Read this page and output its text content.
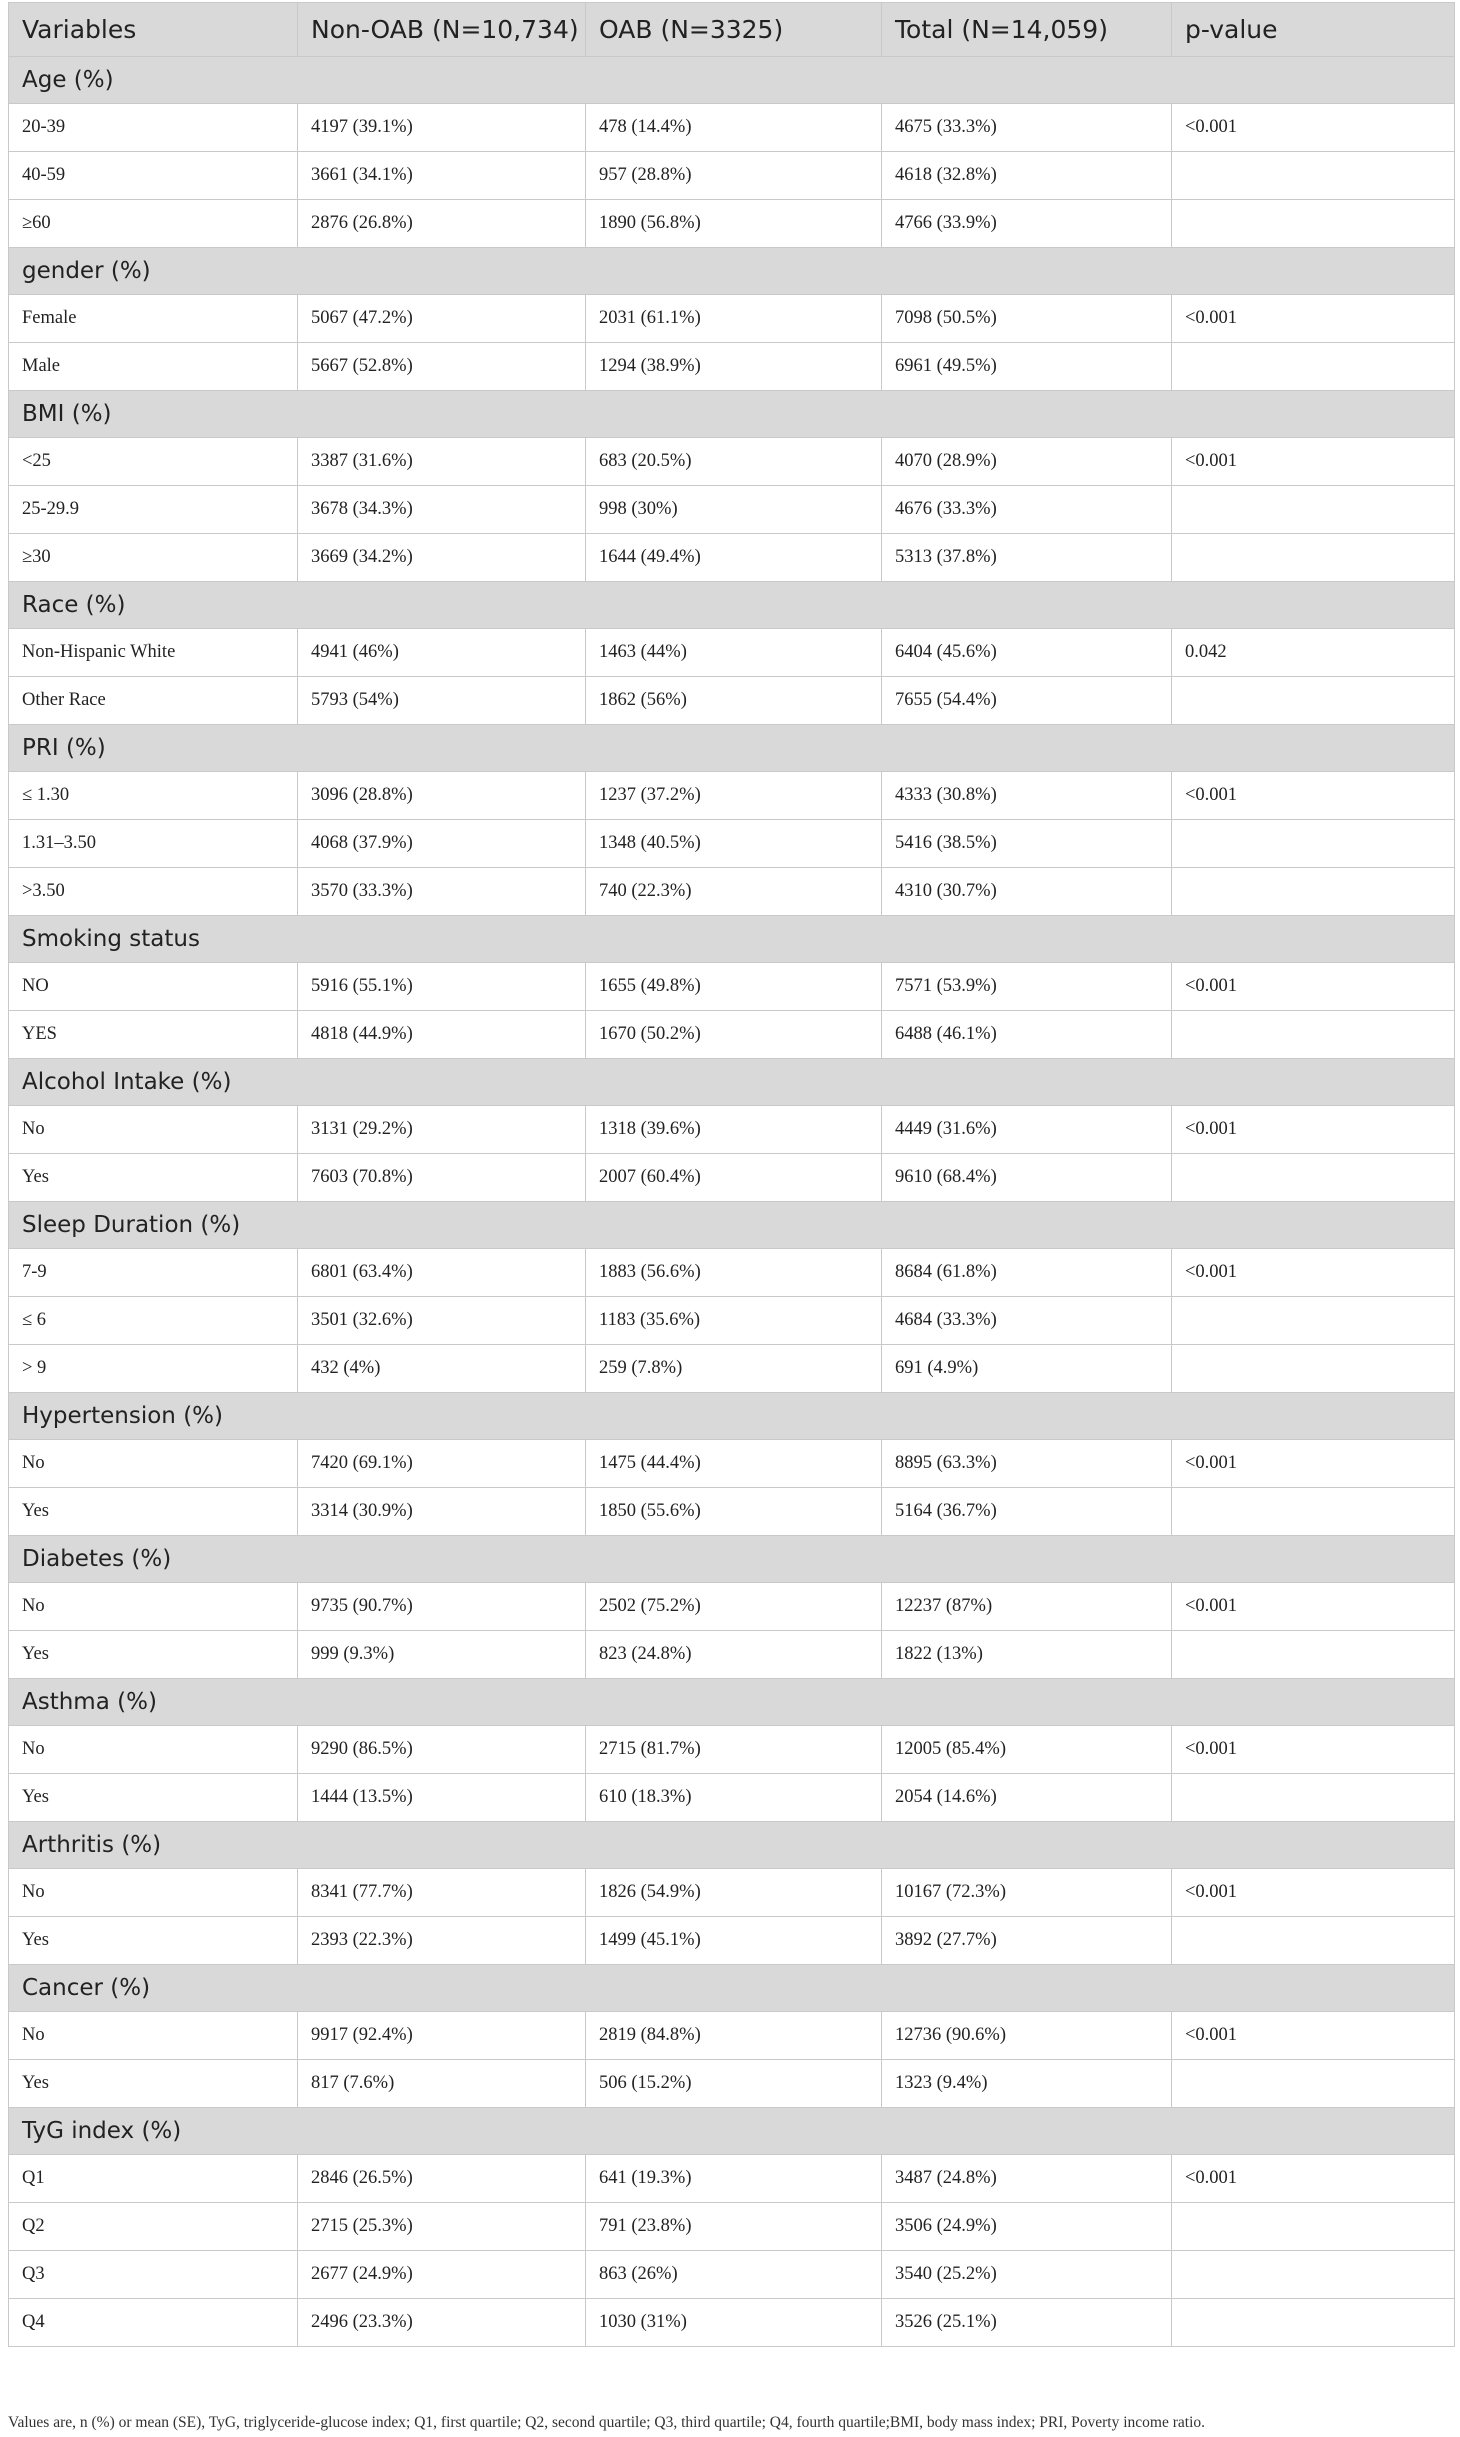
Variables	Non-OAB (N=10,734)	OAB (N=3325)	Total (N=14,059)	p-value
Age (%)				
20-39	4197 (39.1%)	478 (14.4%)	4675 (33.3%)	<0.001
40-59	3661 (34.1%)	957 (28.8%)	4618 (32.8%)	
≥60	2876 (26.8%)	1890 (56.8%)	4766 (33.9%)	
gender (%)				
Female	5067 (47.2%)	2031 (61.1%)	7098 (50.5%)	<0.001
Male	5667 (52.8%)	1294 (38.9%)	6961 (49.5%)	
BMI (%)				
<25	3387 (31.6%)	683 (20.5%)	4070 (28.9%)	<0.001
25-29.9	3678 (34.3%)	998 (30%)	4676 (33.3%)	
≥30	3669 (34.2%)	1644 (49.4%)	5313 (37.8%)	
Race (%)				
Non-Hispanic White	4941 (46%)	1463 (44%)	6404 (45.6%)	0.042
Other Race	5793 (54%)	1862 (56%)	7655 (54.4%)	
PRI (%)				
≤ 1.30	3096 (28.8%)	1237 (37.2%)	4333 (30.8%)	<0.001
1.31–3.50	4068 (37.9%)	1348 (40.5%)	5416 (38.5%)	
>3.50	3570 (33.3%)	740 (22.3%)	4310 (30.7%)	
Smoking status				
NO	5916 (55.1%)	1655 (49.8%)	7571 (53.9%)	<0.001
YES	4818 (44.9%)	1670 (50.2%)	6488 (46.1%)	
Alcohol Intake (%)				
No	3131 (29.2%)	1318 (39.6%)	4449 (31.6%)	<0.001
Yes	7603 (70.8%)	2007 (60.4%)	9610 (68.4%)	
Sleep Duration (%)				
7-9	6801 (63.4%)	1883 (56.6%)	8684 (61.8%)	<0.001
≤ 6	3501 (32.6%)	1183 (35.6%)	4684 (33.3%)	
> 9	432 (4%)	259 (7.8%)	691 (4.9%)	
Hypertension (%)				
No	7420 (69.1%)	1475 (44.4%)	8895 (63.3%)	<0.001
Yes	3314 (30.9%)	1850 (55.6%)	5164 (36.7%)	
Diabetes (%)				
No	9735 (90.7%)	2502 (75.2%)	12237 (87%)	<0.001
Yes	999 (9.3%)	823 (24.8%)	1822 (13%)	
Asthma (%)				
No	9290 (86.5%)	2715 (81.7%)	12005 (85.4%)	<0.001
Yes	1444 (13.5%)	610 (18.3%)	2054 (14.6%)	
Arthritis (%)				
No	8341 (77.7%)	1826 (54.9%)	10167 (72.3%)	<0.001
Yes	2393 (22.3%)	1499 (45.1%)	3892 (27.7%)	
Cancer (%)				
No	9917 (92.4%)	2819 (84.8%)	12736 (90.6%)	<0.001
Yes	817 (7.6%)	506 (15.2%)	1323 (9.4%)	
TyG index (%)				
Q1	2846 (26.5%)	641 (19.3%)	3487 (24.8%)	<0.001
Q2	2715 (25.3%)	791 (23.8%)	3506 (24.9%)	
Q3	2677 (24.9%)	863 (26%)	3540 (25.2%)	
Q4	2496 (23.3%)	1030 (31%)	3526 (25.1%)	
Values are, n (%) or mean (SE), TyG, triglyceride-glucose index; Q1, first quartile; Q2, second quartile; Q3, third quartile; Q4, fourth quartile;BMI, body mass index; PRI, Poverty income ratio.
